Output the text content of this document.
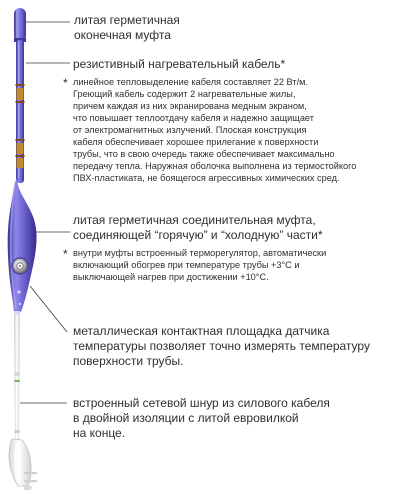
литая герметичная
оконечная муфта
резистивный нагревательный кабель*
* линейное тепловыделение кабеля составляет 22 Вт/м.
Греющий кабель содержит 2 нагревательные жилы,
причем каждая из них экранирована медным экраном,
что повышает теплоотдачу кабеля и надежно защищает
от электромагнитных излучений. Плоская конструкция
кабеля обеспечивает хорошее прилегание к поверхности
трубы, что в свою очередь также обеспечивает максимально
передачу тепла. Наружная оболочка выполнена из термостойкого
ПВХ-пластиката, не боящегося агрессивных химических сред.
литая герметичная соединительная муфта,
соединяющей “горячую” и “холодную” части*
* внутри муфты встроенный терморегулятор, автоматически
включающий обогрев при температуре трубы +3°С и
выключающей нагрев при достижении +10°С.
металлическая контактная площадка датчика
температуры позволяет точно измерять температуру
поверхности трубы.
встроенный сетевой шнур из силового кабеля
в двойной изоляции с литой евровилкой
на конце.
